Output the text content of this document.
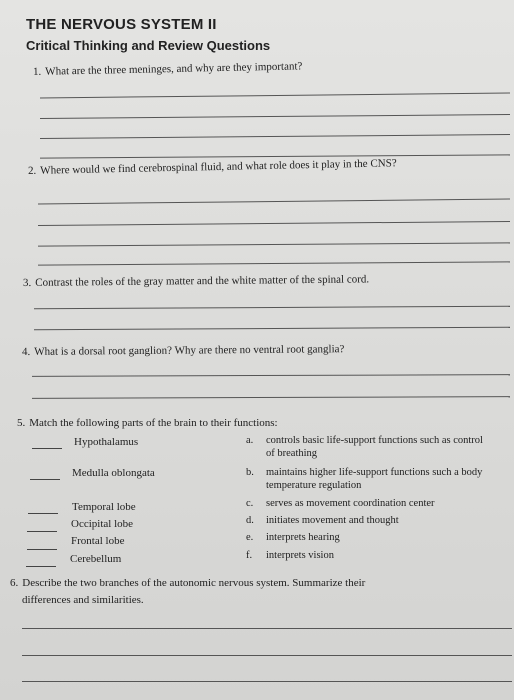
THE NERVOUS SYSTEM II
Critical Thinking and Review Questions
1. What are the three meninges, and why are they important?
2. Where would we find cerebrospinal fluid, and what role does it play in the CNS?
3. Contrast the roles of the gray matter and the white matter of the spinal cord.
4. What is a dorsal root ganglion? Why are there no ventral root ganglia?
5. Match the following parts of the brain to their functions:
Hypothalamus
Medulla oblongata
Temporal lobe
Occipital lobe
Frontal lobe
Cerebellum
a. controls basic life-support functions such as control of breathing
b. maintains higher life-support functions such a body temperature regulation
c. serves as movement coordination center
d. initiates movement and thought
e. interprets hearing
f. interprets vision
6. Describe the two branches of the autonomic nervous system. Summarize their
differences and similarities.
